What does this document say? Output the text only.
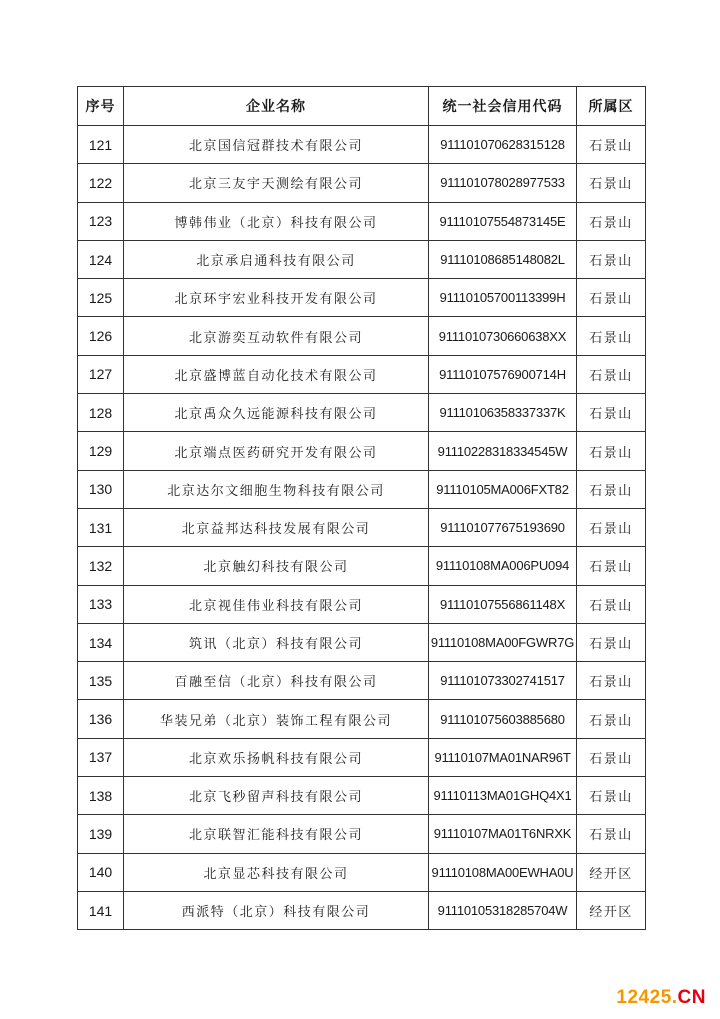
序号	企业名称	统一社会信用代码	所属区
121	北京国信冠群技术有限公司	911101070628315128	石景山
122	北京三友宇天测绘有限公司	911101078028977533	石景山
123	博韩伟业（北京）科技有限公司	91110107554873145E	石景山
124	北京承启通科技有限公司	91110108685148082L	石景山
125	北京环宇宏业科技开发有限公司	91110105700113399H	石景山
126	北京游奕互动软件有限公司	9111010730660638XX	石景山
127	北京盛博蓝自动化技术有限公司	91110107576900714H	石景山
128	北京禹众久远能源科技有限公司	91110106358337337K	石景山
129	北京端点医药研究开发有限公司	91110228318334545W	石景山
130	北京达尔文细胞生物科技有限公司	91110105MA006FXT82	石景山
131	北京益邦达科技发展有限公司	911101077675193690	石景山
132	北京触幻科技有限公司	91110108MA006PU094	石景山
133	北京视佳伟业科技有限公司	91110107556861148X	石景山
134	筑讯（北京）科技有限公司	91110108MA00FGWR7G	石景山
135	百融至信（北京）科技有限公司	911101073302741517	石景山
136	华装兄弟（北京）装饰工程有限公司	911101075603885680	石景山
137	北京欢乐扬帆科技有限公司	91110107MA01NAR96T	石景山
138	北京飞秒留声科技有限公司	91110113MA01GHQ4X1	石景山
139	北京联智汇能科技有限公司	91110107MA01T6NRXK	石景山
140	北京显芯科技有限公司	91110108MA00EWHA0U	经开区
141	西派特（北京）科技有限公司	91110105318285704W	经开区
12425.CN
